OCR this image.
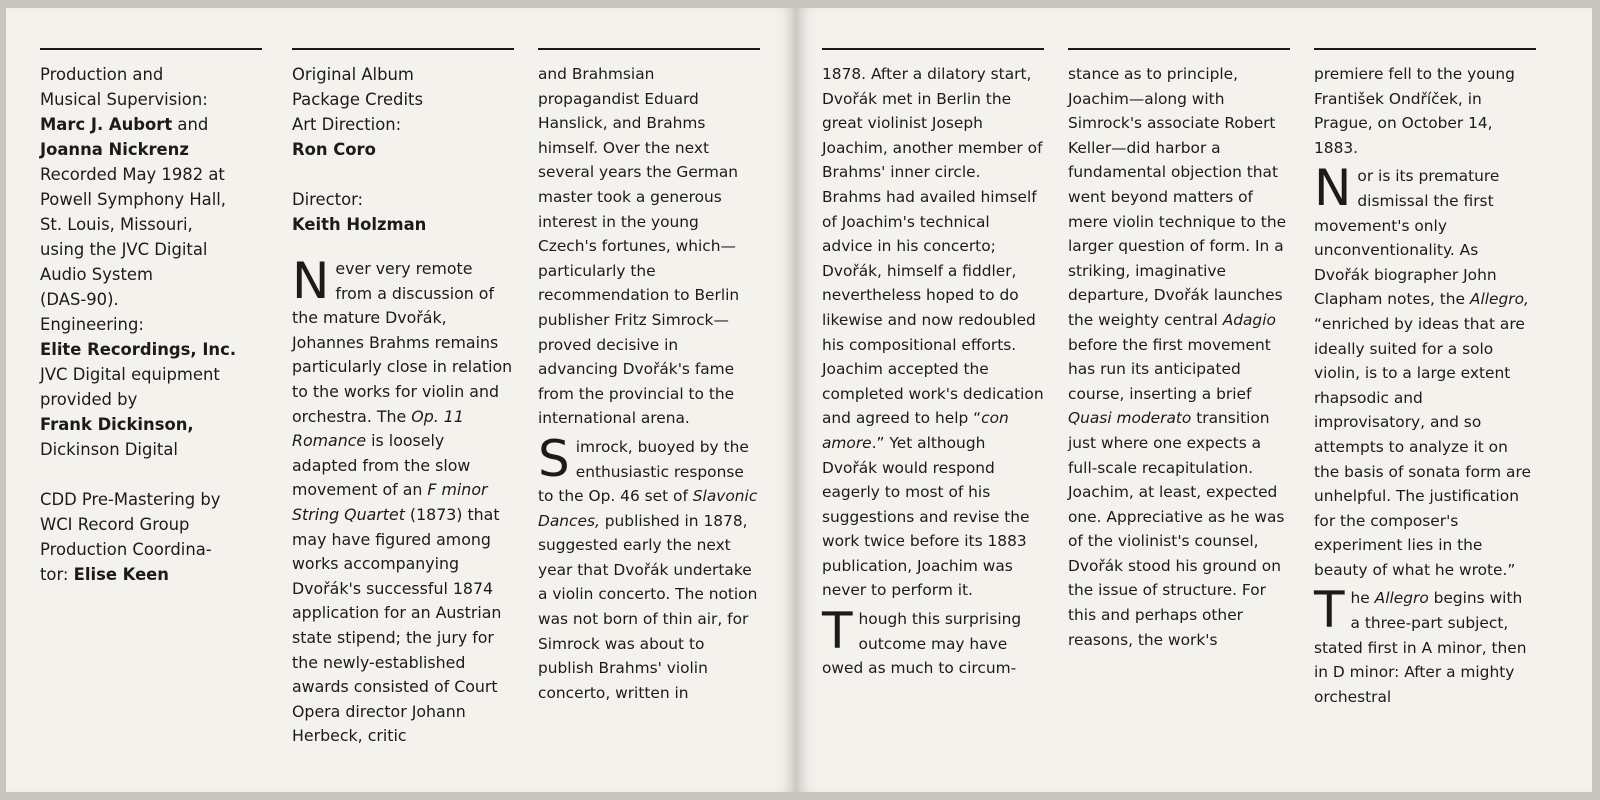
Production and
Musical Supervision:
Marc J. Aubort and
Joanna Nickrenz
Recorded May 1982 at
Powell Symphony Hall,
St. Louis, Missouri,
using the JVC Digital
Audio System
(DAS-90).
Engineering:
Elite Recordings, Inc.
JVC Digital equipment
provided by
Frank Dickinson,
Dickinson Digital

CDD Pre-Mastering by
WCI Record Group
Production Coordina-
tor: Elise Keen

Original Album
Package Credits
Art Direction:
Ron Coro

Director:
Keith Holzman

Never very remote from a discussion of the mature Dvořák, Johannes Brahms remains particularly close in relation to the works for violin and orchestra. The Op. 11 Romance is loosely adapted from the slow movement of an F minor String Quartet (1873) that may have figured among works accompanying Dvořák's successful 1874 application for an Austrian state stipend; the jury for the newly-established awards consisted of Court Opera director Johann Herbeck, critic

and Brahmsian propagandist Eduard Hanslick, and Brahms himself. Over the next several years the German master took a generous interest in the young Czech's fortunes, which—particularly the recommendation to Berlin publisher Fritz Simrock—proved decisive in advancing Dvořák's fame from the provincial to the international arena.

Simrock, buoyed by the enthusiastic response to the Op. 46 set of Slavonic Dances, published in 1878, suggested early the next year that Dvořák undertake a violin concerto. The notion was not born of thin air, for Simrock was about to publish Brahms' violin concerto, written in

1878. After a dilatory start, Dvořák met in Berlin the great violinist Joseph Joachim, another member of Brahms' inner circle. Brahms had availed himself of Joachim's technical advice in his concerto; Dvořák, himself a fiddler, nevertheless hoped to do likewise and now redoubled his compositional efforts. Joachim accepted the completed work's dedication and agreed to help “con amore.” Yet although Dvořák would respond eagerly to most of his suggestions and revise the work twice before its 1883 publication, Joachim was never to perform it.

Though this surprising outcome may have owed as much to circum-

stance as to principle, Joachim—along with Simrock's associate Robert Keller—did harbor a fundamental objection that went beyond matters of mere violin technique to the larger question of form. In a striking, imaginative departure, Dvořák launches the weighty central Adagio before the first movement has run its anticipated course, inserting a brief Quasi moderato transition just where one expects a full-scale recapitulation. Joachim, at least, expected one. Appreciative as he was of the violinist's counsel, Dvořák stood his ground on the issue of structure. For this and perhaps other reasons, the work's

premiere fell to the young František Ondříček, in Prague, on October 14, 1883.

Nor is its premature dismissal the first movement's only unconventionality. As Dvořák biographer John Clapham notes, the Allegro, “enriched by ideas that are ideally suited for a solo violin, is to a large extent rhapsodic and improvisatory, and so attempts to analyze it on the basis of sonata form are unhelpful. The justification for the composer's experiment lies in the beauty of what he wrote.”

The Allegro begins with a three-part subject, stated first in A minor, then in D minor: After a mighty orchestral
